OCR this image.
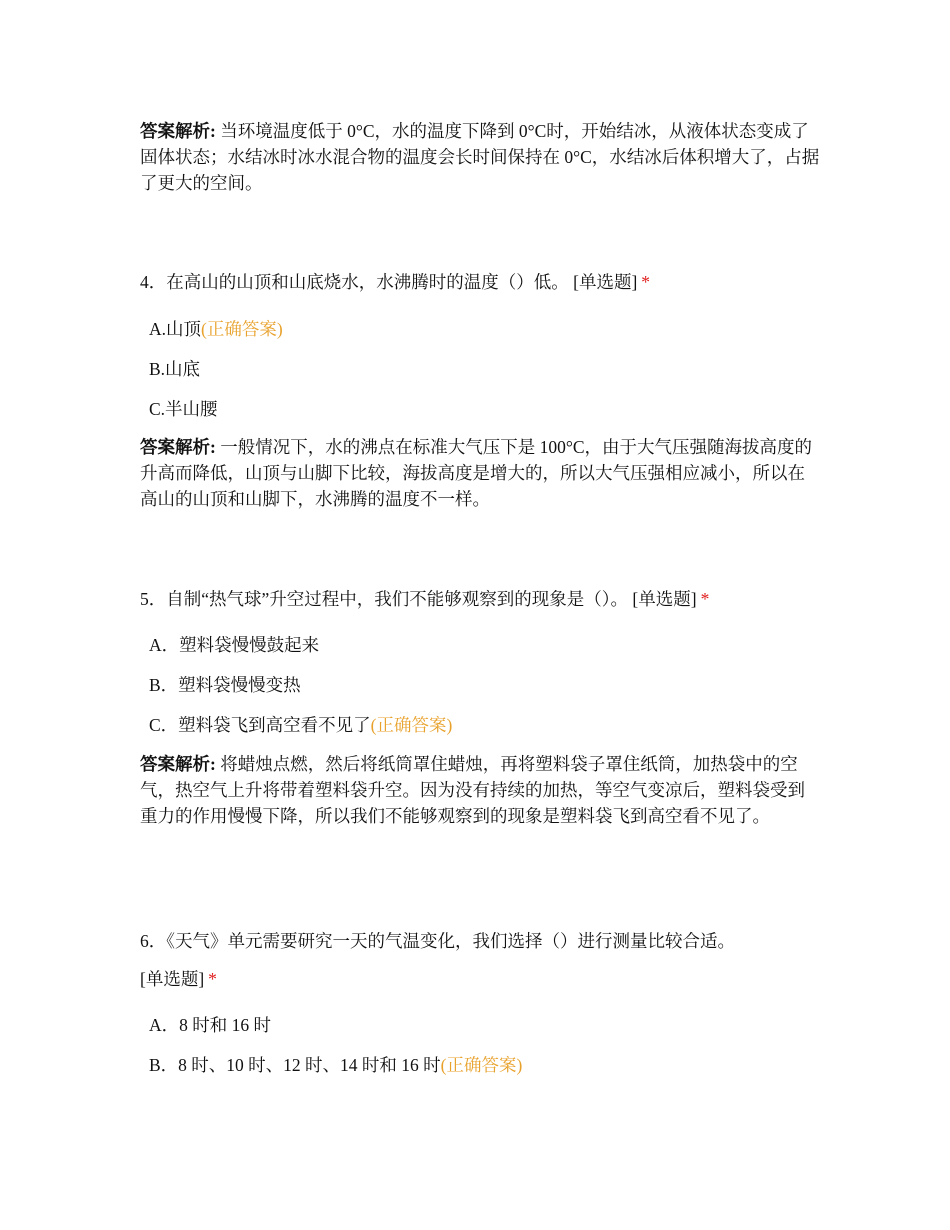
答案解析: 当环境温度低于 0°C，水的温度下降到 0°C时，开始结冰，从液体状态变成了固体状态；水结冰时冰水混合物的温度会长时间保持在 0°C，水结冰后体积增大了，占据了更大的空间。
4．在高山的山顶和山底烧水，水沸腾时的温度（）低。 [单选题] *
A.山顶(正确答案)
B.山底
C.半山腰
答案解析: 一般情况下，水的沸点在标准大气压下是 100°C，由于大气压强随海拔高度的升高而降低，山顶与山脚下比较，海拔高度是增大的，所以大气压强相应减小，所以在高山的山顶和山脚下，水沸腾的温度不一样。
5．自制“热气球”升空过程中，我们不能够观察到的现象是（）。 [单选题] *
A．塑料袋慢慢鼓起来
B．塑料袋慢慢变热
C．塑料袋飞到高空看不见了(正确答案)
答案解析: 将蜡烛点燃，然后将纸筒罩住蜡烛，再将塑料袋子罩住纸筒，加热袋中的空气，热空气上升将带着塑料袋升空。因为没有持续的加热，等空气变凉后，塑料袋受到重力的作用慢慢下降，所以我们不能够观察到的现象是塑料袋飞到高空看不见了。
6．《天气》单元需要研究一天的气温变化，我们选择（）进行测量比较合适。
[单选题] *
A．8 时和 16 时
B．8 时、10 时、12 时、14 时和 16 时(正确答案)
